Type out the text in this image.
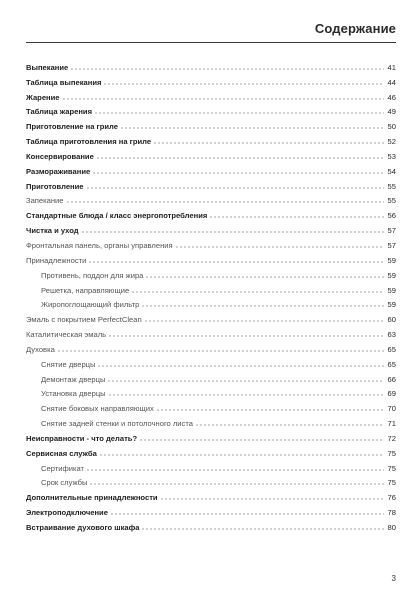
Содержание
Выпекание	41
Таблица выпекания	44
Жарение	46
Таблица жарения	49
Приготовление на гриле	50
Таблица приготовления на гриле	52
Консервирование	53
Размораживание	54
Приготовление	55
Запекание	55
Стандартные блюда / класс энергопотребления	56
Чистка и уход	57
Фронтальная панель, органы управления	57
Принадлежности	59
Противень, поддон для жира	59
Решетка, направляющие	59
Жиропоглощающий фильтр	59
Эмаль с покрытием PerfectClean	60
Каталитическая эмаль	63
Духовка	65
Снятие дверцы	65
Демонтаж дверцы	66
Установка дверцы	69
Снятие боковых направляющих	70
Снятие задней стенки и потолочного листа	71
Неисправности - что делать?	72
Сервисная служба	75
Сертификат	75
Срок службы	75
Дополнительные принадлежности	76
Электроподключение	78
Встраивание духового шкафа	80
3
